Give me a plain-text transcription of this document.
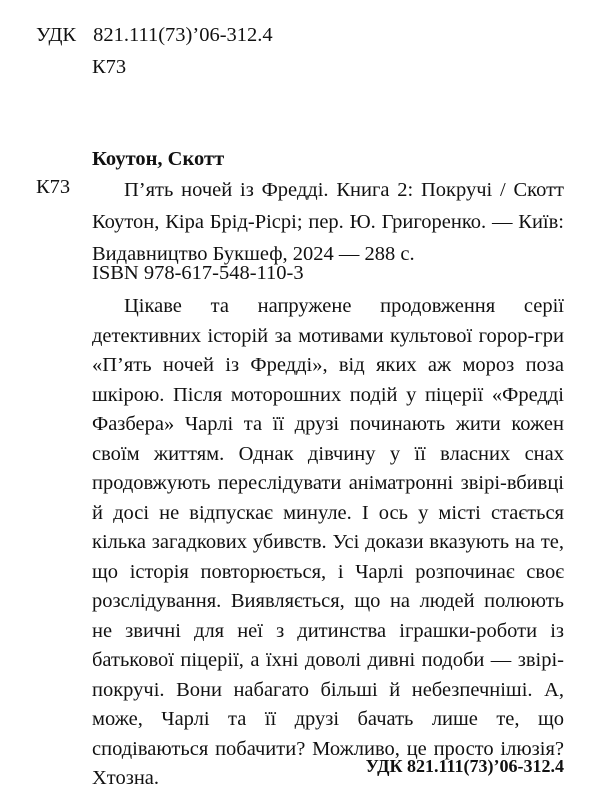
УДК 821.111(73)’06-312.4
К73
Коутон, Скотт
К73	П’ять ночей із Фредді. Книга 2: Покручі / Скотт Коутон, Кіра Брід-Рісрі; пер. Ю. Григоренко. — Київ: Видавництво Букшеф, 2024 — 288 с.
ISBN 978-617-548-110-3
Цікаве та напружене продовження серії детективних історій за мотивами культової горор-гри «П’ять ночей із Фредді», від яких аж мороз поза шкірою. Після моторошних подій у піцерії «Фредді Фазбера» Чарлі та її друзі починають жити кожен своїм життям. Однак дівчину у її власних снах продовжують переслідувати аніматронні звірі-вбивці й досі не відпускає минуле. І ось у місті стається кілька загадкових убивств. Усі докази вказують на те, що історія повторюється, і Чарлі розпочинає своє розслідування. Виявляється, що на людей полюють не звичні для неї з дитинства іграшки-роботи із батькової піцерії, а їхні доволі дивні подоби — звірі-покручі. Вони набагато більші й небезпечніші. А, може, Чарлі та її друзі бачать лише те, що сподіваються побачити? Можливо, це просто ілюзія? Хтозна.
УДК 821.111(73)’06-312.4
